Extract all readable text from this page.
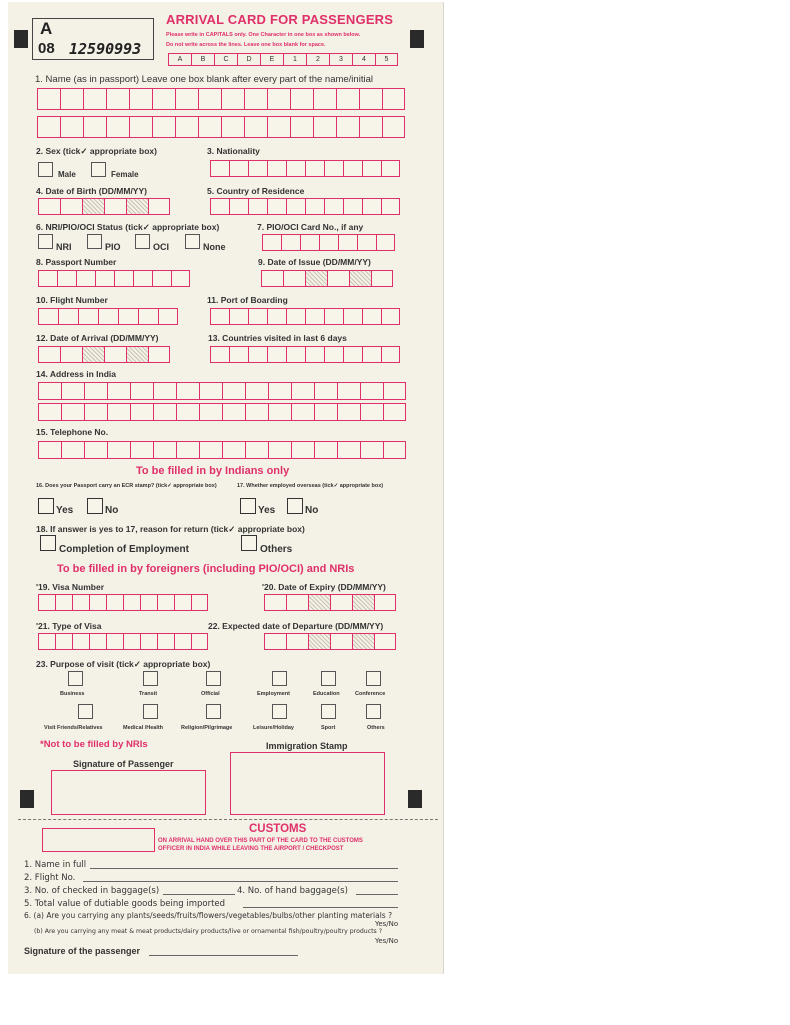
A
08 12590993
ARRIVAL CARD FOR PASSENGERS
Please write in CAPITALS only. One Character in one box as shown below.
Do not write across the lines. Leave one box blank for space.
A	B	C	D	E	1	2	3	4	5
1. Name (as in passport) Leave one box blank after every part of the name/initial
2. Sex (tick✓ appropriate box)
Male	Female
3. Nationality
4. Date of Birth (DD/MM/YY)	5. Country of Residence
6. NRI/PIO/OCI Status (tick✓ appropriate box)
NRI	PIO	OCI	None
7. PIO/OCI Card No., if any
8. Passport Number	9. Date of Issue (DD/MM/YY)
10. Flight Number	11. Port of Boarding
12. Date of Arrival (DD/MM/YY)	13. Countries visited in last 6 days
14. Address in India
15. Telephone No.
To be filled in by Indians only
16. Does your Passport carry an ECR stamp? (tick✓ appropriate box)	17. Whether employed overseas (tick✓ appropriate box)
Yes	No	Yes	No
18. If answer is yes to 17, reason for return (tick✓ appropriate box)
Completion of Employment	Others
To be filled in by foreigners (including PIO/OCI) and NRIs
'19. Visa Number	'20. Date of Expiry (DD/MM/YY)
'21. Type of Visa	22. Expected date of Departure (DD/MM/YY)
23. Purpose of visit (tick✓ appropriate box)
Business	Transit	Official	Employment	Education	Conference
Visit Friends/Relatives	Medical /Health	Religion/Pilgrimage	Leisure/Holiday	Sport	Others
*Not to be filled by NRIs	Immigration Stamp
Signature of Passenger
CUSTOMS
ON ARRIVAL HAND OVER THIS PART OF THE CARD TO THE CUSTOMS
OFFICER IN INDIA WHILE LEAVING THE AIRPORT / CHECKPOST
1. Name in full
2. Flight No.
3. No. of checked in baggage(s)	4. No. of hand baggage(s)
5. Total value of dutiable goods being imported
6. (a) Are you carrying any plants/seeds/fruits/flowers/vegetables/bulbs/other planting materials ?
Yes/No
(b) Are you carrying any meat & meat products/dairy products/live or ornamental fish/poultry/poultry products ?
Yes/No
Signature of the passenger
